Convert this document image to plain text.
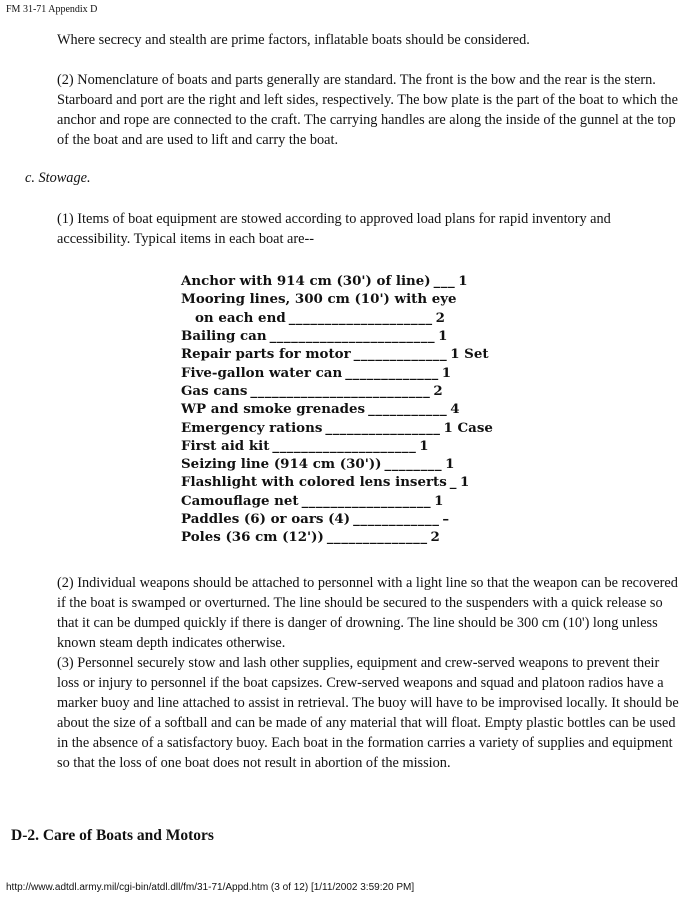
FM 31-71 Appendix D

Where secrecy and stealth are prime factors, inflatable boats should be considered.

(2) Nomenclature of boats and parts generally are standard. The front is the bow and the rear is the stern. Starboard and port are the right and left sides, respectively. The bow plate is the part of the boat to which the anchor and rope are connected to the craft. The carrying handles are along the inside of the gunnel at the top of the boat and are used to lift and carry the boat.

c. Stowage.

(1) Items of boat equipment are stowed according to approved load plans for rapid inventory and accessibility. Typical items in each boat are--

Anchor with 914 cm (30') of line) ___ 1
Mooring lines, 300 cm (10') with eye
on each end ____________________ 2
Bailing can _______________________ 1
Repair parts for motor _____________ 1 Set
Five-gallon water can _____________ 1
Gas cans _________________________ 2
WP and smoke grenades ___________ 4
Emergency rations ________________ 1 Case
First aid kit ____________________ 1
Seizing line (914 cm (30')) ________ 1
Flashlight with colored lens inserts _ 1
Camouflage net __________________ 1
Paddles (6) or oars (4) ____________ –
Poles (36 cm (12')) ______________ 2

(2) Individual weapons should be attached to personnel with a light line so that the weapon can be recovered if the boat is swamped or overturned. The line should be secured to the suspenders with a quick release so that it can be dumped quickly if there is danger of drowning. The line should be 300 cm (10') long unless known steam depth indicates otherwise.

(3) Personnel securely stow and lash other supplies, equipment and crew-served weapons to prevent their loss or injury to personnel if the boat capsizes. Crew-served weapons and squad and platoon radios have a marker buoy and line attached to assist in retrieval. The buoy will have to be improvised locally. It should be about the size of a softball and can be made of any material that will float. Empty plastic bottles can be used in the absence of a satisfactory buoy. Each boat in the formation carries a variety of supplies and equipment so that the loss of one boat does not result in abortion of the mission.

D-2. Care of Boats and Motors
http://www.adtdl.army.mil/cgi-bin/atdl.dll/fm/31-71/Appd.htm (3 of 12) [1/11/2002 3:59:20 PM]
